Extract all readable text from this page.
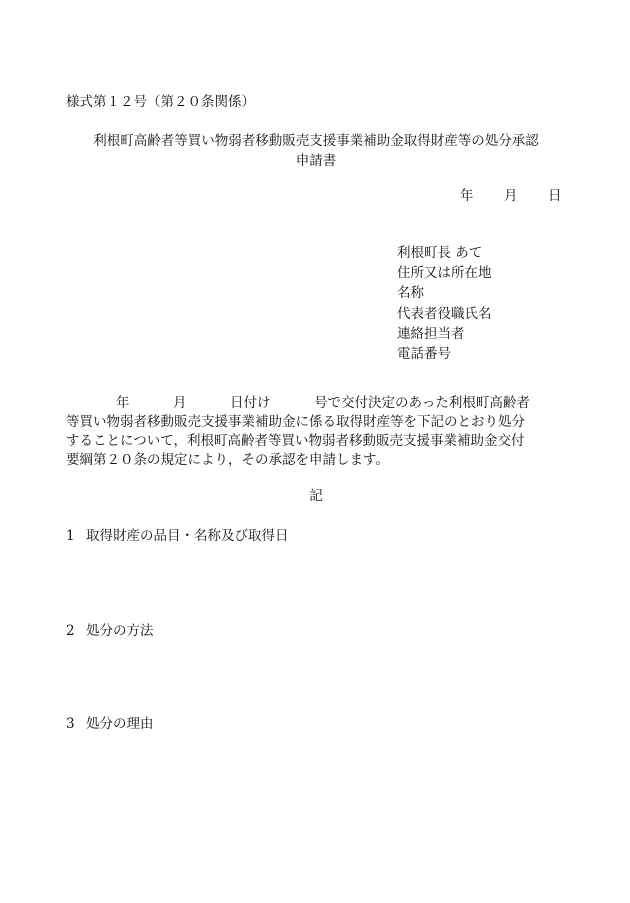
様式第１２号（第２０条関係）
利根町高齢者等買い物弱者移動販売支援事業補助金取得財産等の処分承認
申請書
年 月 日
利根町長 あて
住所又は所在地
名称
代表者役職氏名
連絡担当者
電話番号
年	月	日付け	号で交付決定のあった利根町高齢者
等買い物弱者移動販売支援事業補助金に係る取得財産等を下記のとおり処分
することについて，利根町高齢者等買い物弱者移動販売支援事業補助金交付
要綱第２０条の規定により，その承認を申請します。
記
1 取得財産の品目・名称及び取得日
2 処分の方法
3 処分の理由
